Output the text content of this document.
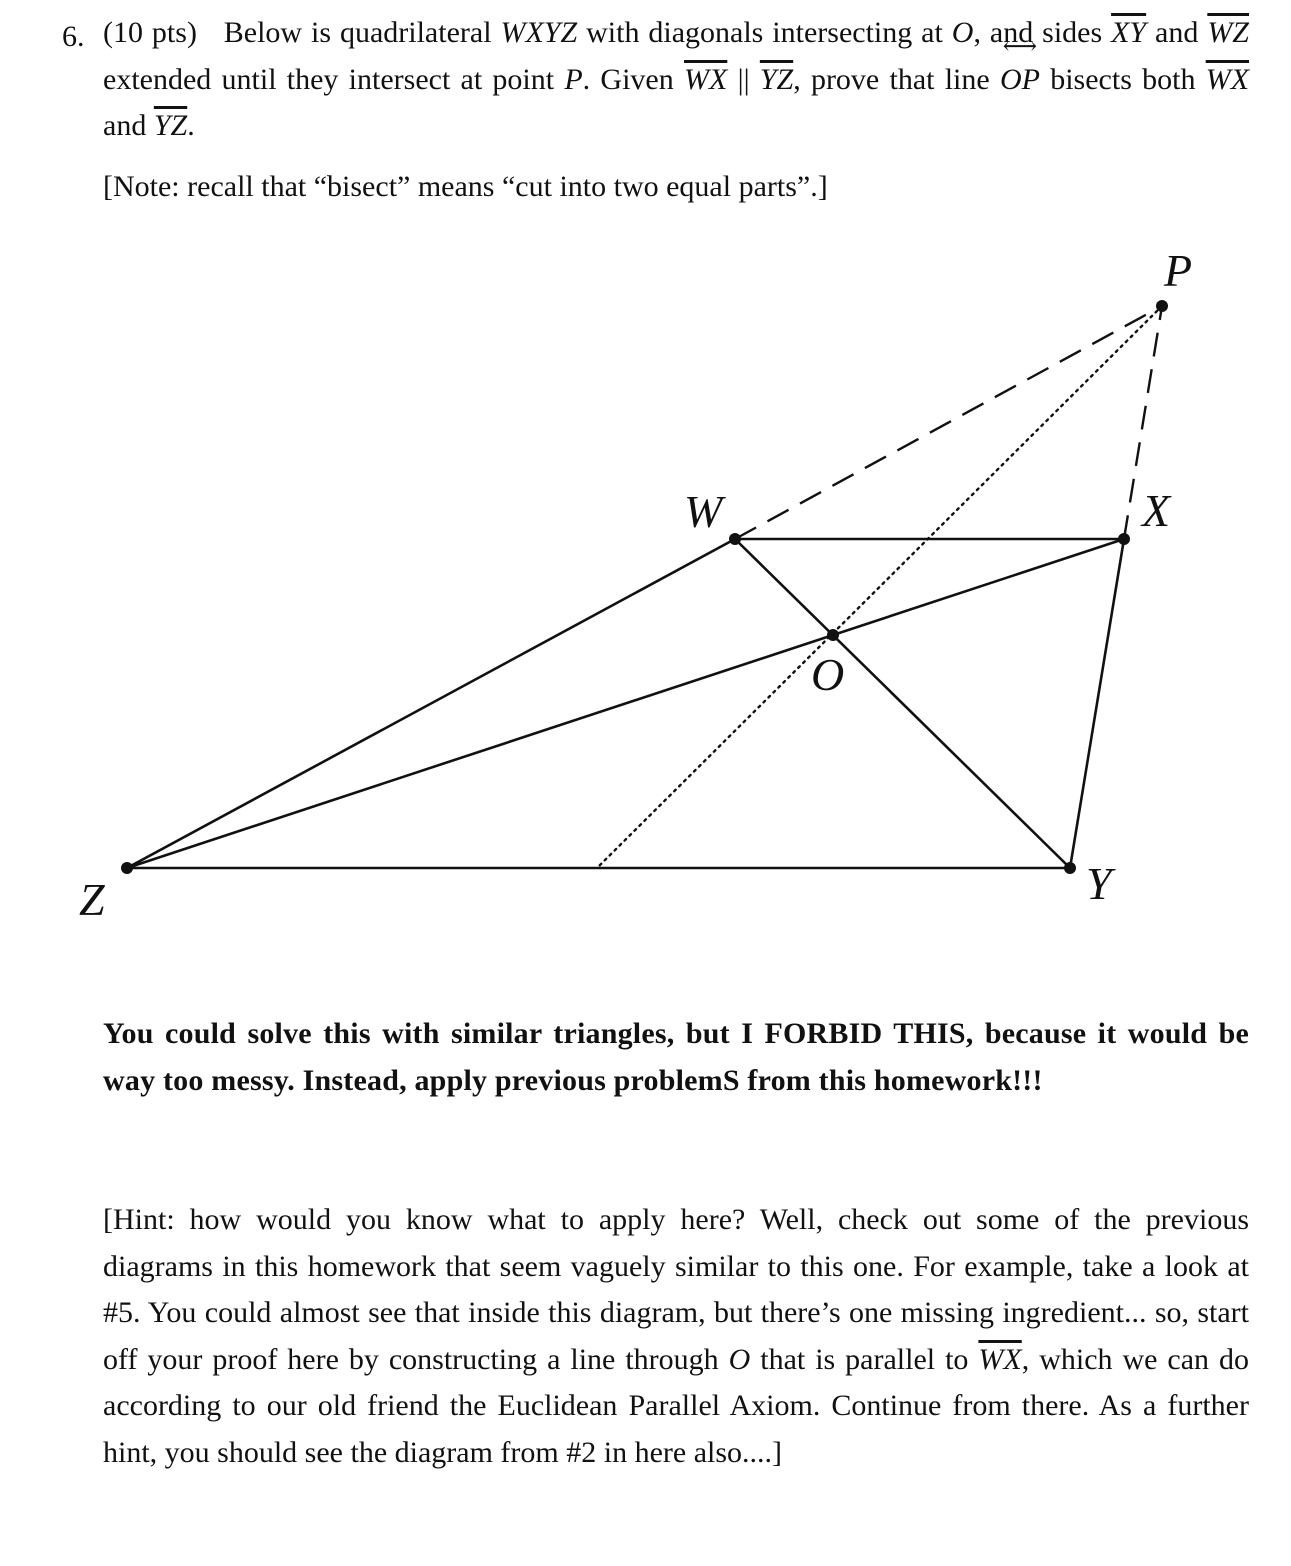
6. (10 pts) Below is quadrilateral WXYZ with diagonals intersecting at O, and sides $\overline{XY}$ and $\overline{WZ}$ extended until they intersect at point P. Given $\overline{WX}$ || $\overline{YZ}$, prove that line ⟷ OP bisects both $\overline{WX}$ and $\overline{YZ}$.
[Note: recall that “bisect” means “cut into two equal parts”.]
P
W	X
O
Z	Y
You could solve this with similar triangles, but I FORBID THIS, because it would be way too messy. Instead, apply previous problemS from this homework!!!
[Hint: how would you know what to apply here? Well, check out some of the previous diagrams in this homework that seem vaguely similar to this one. For example, take a look at #5. You could almost see that inside this diagram, but there’s one missing ingredient... so, start off your proof here by constructing a line through O that is parallel to $\overline{WX}$, which we can do according to our old friend the Euclidean Parallel Axiom. Continue from there. As a further hint, you should see the diagram from #2 in here also....]
